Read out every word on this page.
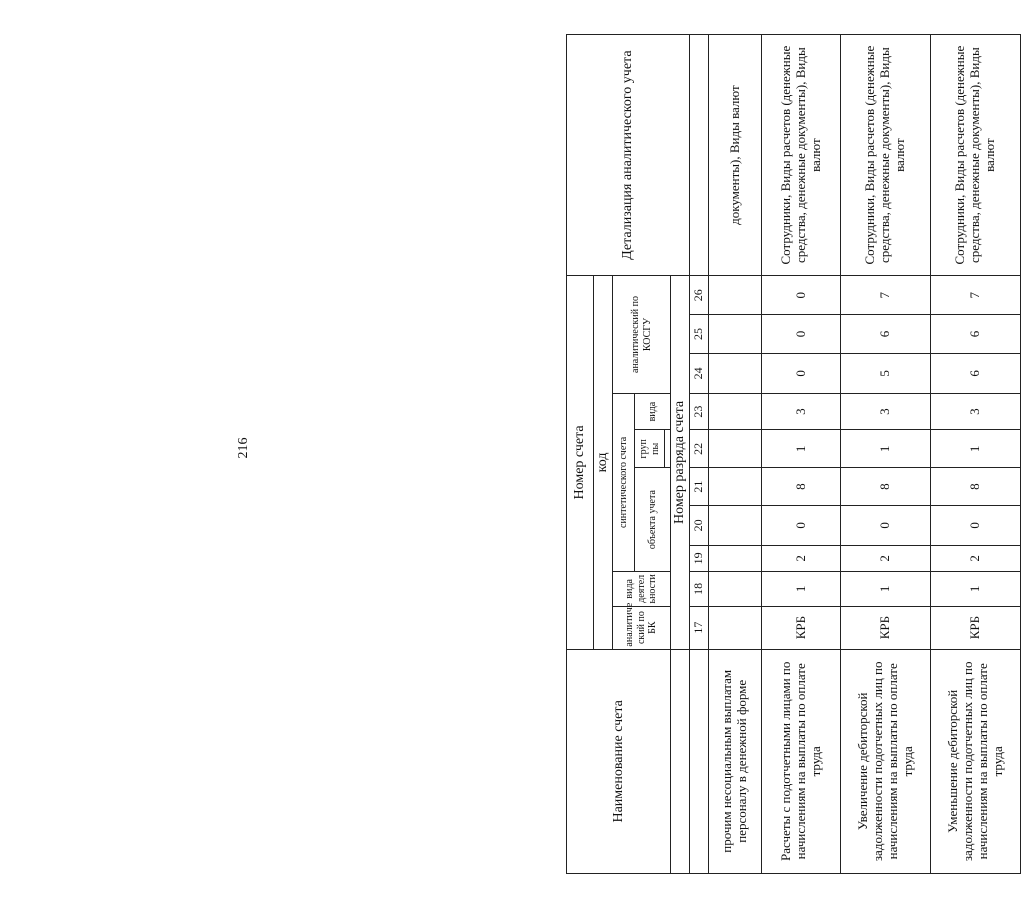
216
Наименование счета	Номер счета										Детализация аналитического учета
	код										
	аналитиче ский по БК	вида деятел ьности	синтетического счета					аналитический по КОСГУ			
			объекта учета			груп пы	вида				

	Номер разряда счета										
	17	18	19	20	21	22	23	24	25	26	
прочим несоциальным выплатам персоналу в денежной форме											документы), Виды валют
Расчеты с подотчетными лицами по начислениям на выплаты по оплате труда	КРБ	1	2	0	8	1	3	0	0	0	Сотрудники, Виды расчетов (денежные средства, денежные документы), Виды валют
Увеличение дебиторской задолженности подотчетных лиц по начислениям на выплаты по оплате труда	КРБ	1	2	0	8	1	3	5	6	7	Сотрудники, Виды расчетов (денежные средства, денежные документы), Виды валют
Уменьшение дебиторской задолженности подотчетных лиц по начислениям на выплаты по оплате труда	КРБ	1	2	0	8	1	3	6	6	7	Сотрудники, Виды расчетов (денежные средства, денежные документы), Виды валют
